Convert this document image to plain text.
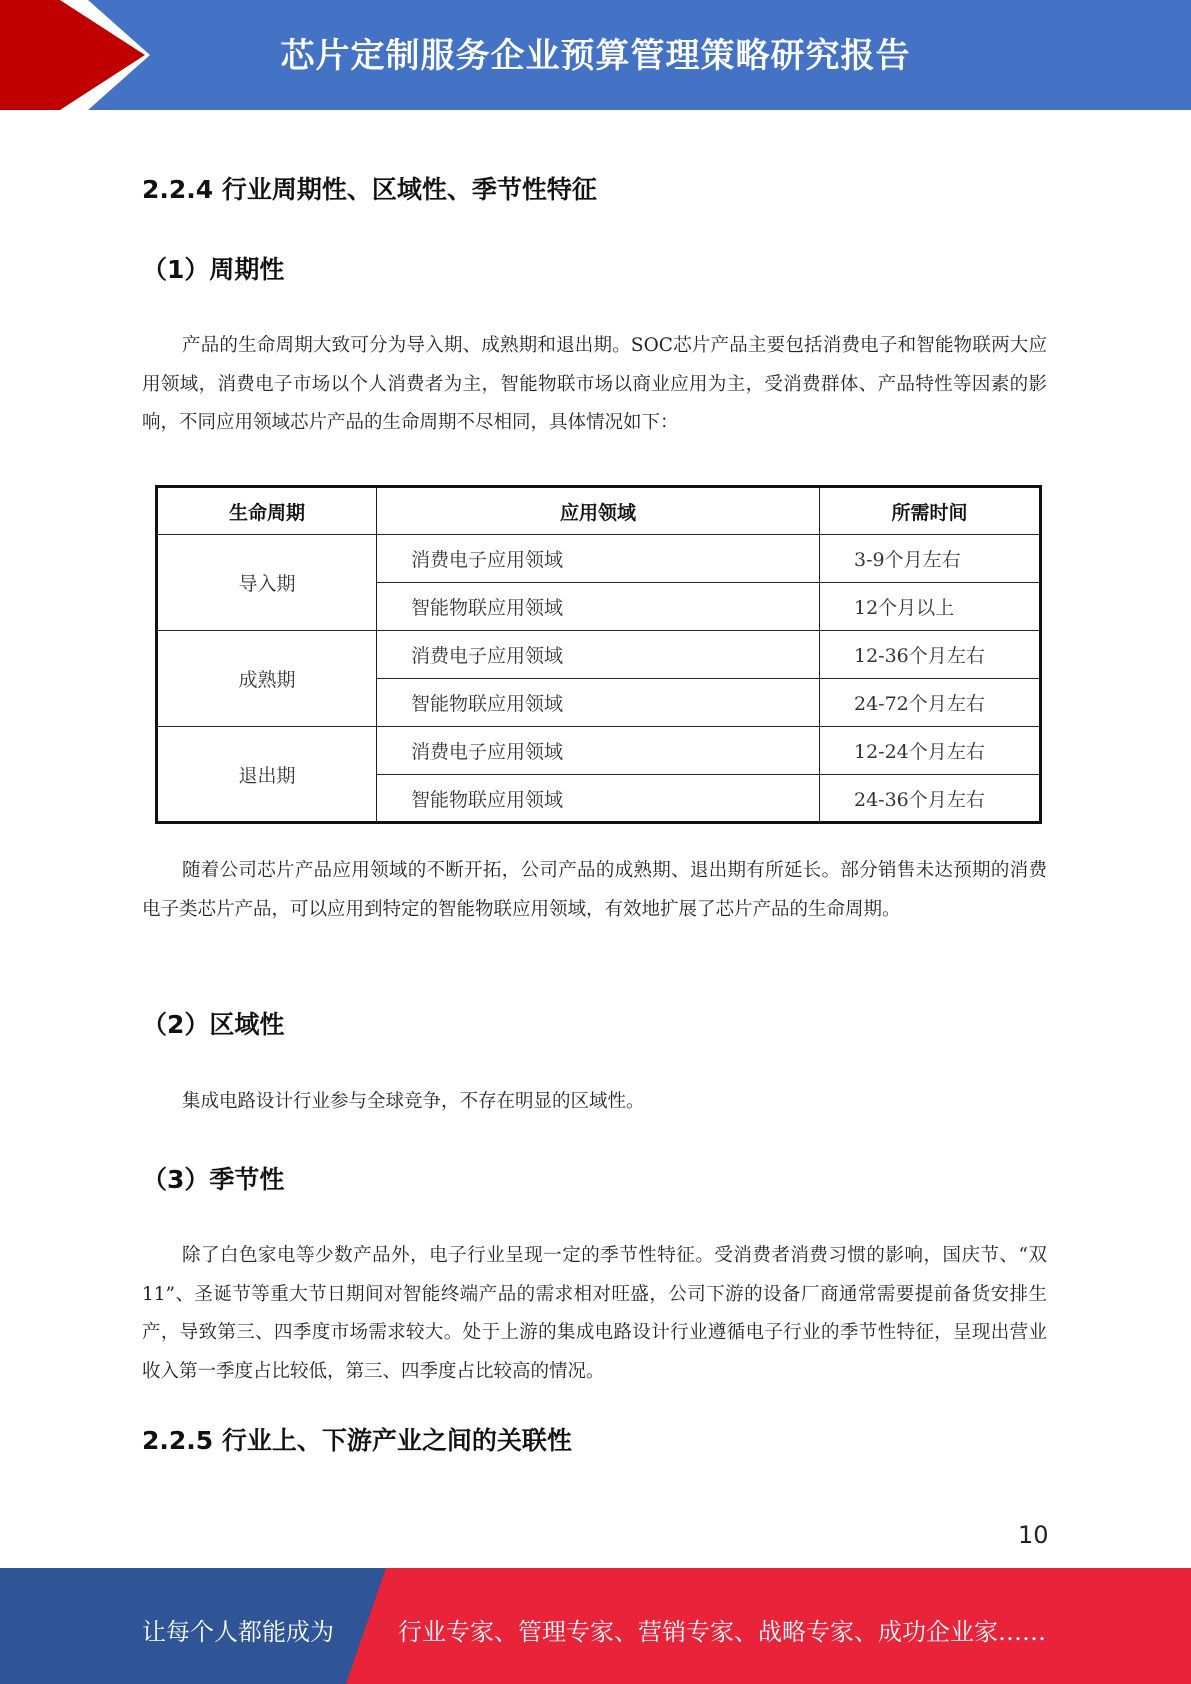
芯片定制服务企业预算管理策略研究报告
2.2.4 行业周期性、区域性、季节性特征
（1）周期性
产品的生命周期大致可分为导入期、成熟期和退出期。SOC芯片产品主要包括消费电子和智能物联两大应用领域，消费电子市场以个人消费者为主，智能物联市场以商业应用为主，受消费群体、产品特性等因素的影响，不同应用领域芯片产品的生命周期不尽相同，具体情况如下：
随着公司芯片产品应用领域的不断开拓，公司产品的成熟期、退出期有所延长。部分销售未达预期的消费电子类芯片产品，可以应用到特定的智能物联应用领域，有效地扩展了芯片产品的生命周期。
（2）区域性
集成电路设计行业参与全球竞争，不存在明显的区域性。
（3）季节性
除了白色家电等少数产品外，电子行业呈现一定的季节性特征。受消费者消费习惯的影响，国庆节、“双11”、圣诞节等重大节日期间对智能终端产品的需求相对旺盛，公司下游的设备厂商通常需要提前备货安排生产，导致第三、四季度市场需求较大。处于上游的集成电路设计行业遵循电子行业的季节性特征，呈现出营业收入第一季度占比较低，第三、四季度占比较高的情况。
2.2.5 行业上、下游产业之间的关联性
生命周期	应用领域	所需时间
导入期	消费电子应用领域	3-9个月左右
	智能物联应用领域	12个月以上
成熟期	消费电子应用领域	12-36个月左右
	智能物联应用领域	24-72个月左右
退出期	消费电子应用领域	12-24个月左右
	智能物联应用领域	24-36个月左右
10
让每个人都能成为	行业专家、管理专家、营销专家、战略专家、成功企业家……
